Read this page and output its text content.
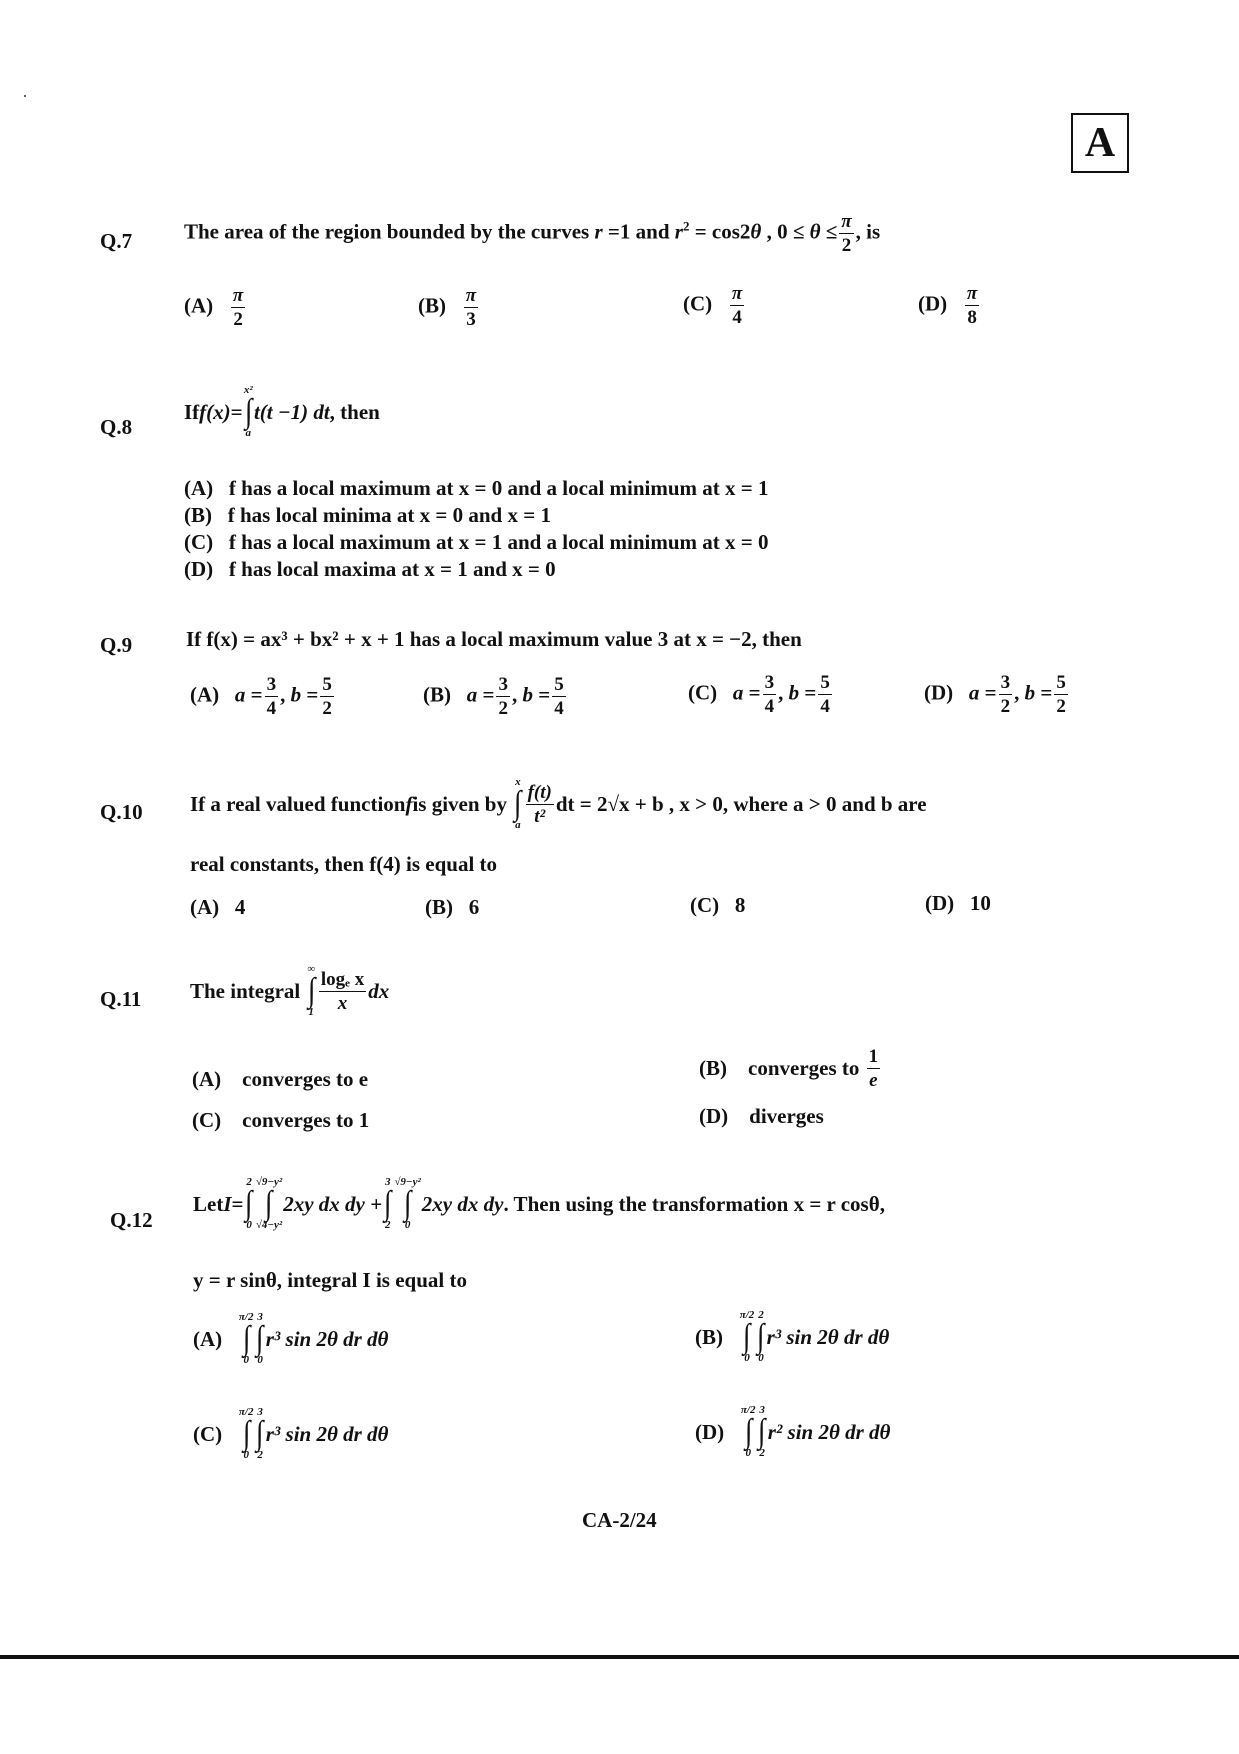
A
Q.7 The area of the region bounded by the curves r =1 and $r^2 = \cos 2\theta$ , $0 \le \theta \le \frac{\pi}{2}$ , is
$(A) \frac{\pi}{2}$	$(B) \frac{\pi}{3}$	$(C) \frac{\pi}{4}$	$(D) \frac{\pi}{8}$
Q.8
If f(x) =
x²
∫
a
t(t −1) dt , then
(A) f has a local maximum at x = 0 and a local minimum at x = 1
(B) f has local minima at x = 0 and x = 1
(C) f has a local maximum at x = 1 and a local minimum at x = 0
(D) f has local maxima at x = 1 and x = 0
Q.9	If f(x) = ax³ + bx² + x + 1 has a local maximum value 3 at x = −2, then
(A) $a = \frac{3}{4}$ , $b = \frac{5}{2}$	(B) $a = \frac{3}{2}$ , $b = \frac{5}{4}$	(C) $a = \frac{3}{4}$ , $b = \frac{5}{4}$	(D) $a = \frac{3}{2}$ , $b = \frac{5}{2}$
Q.10 If a real valued function f is given by

x
∫
a $\frac{f(t)}{\text{t²}}$ dt = 2√x + b , x > 0, where a > 0 and b are
real constants, then f(4) is equal to
(A) 4	(B) 6	(C) 8	(D) 10
Q.11 The integral

∞
∫
$1 \frac{\text{logₑ x}}{x}$ dx
(A) converges to e	(B)
converges to
$\frac{1}{e}$
(C) converges to 1	(D) diverges
Q.12
Let I =
2
∫
0
√9−y²
∫
√4−y²
2xy dx dy +
3
∫
2
√9−y²
∫
0
2xy dx dy . Then using the transformation x = r cosθ,
y = r sinθ, integral I is equal to
(A)

π/2
∫
0
3
∫
0
r³ sin 2θ dr dθ	(B)

π/2
∫
0
2
∫
0
r³ sin 2θ dr dθ
(C)

π/2
∫
0
3
∫
2
r³ sin 2θ dr dθ	(D)

π/2
∫
0
3
∫
2
r² sin 2θ dr dθ
CA-2/24
